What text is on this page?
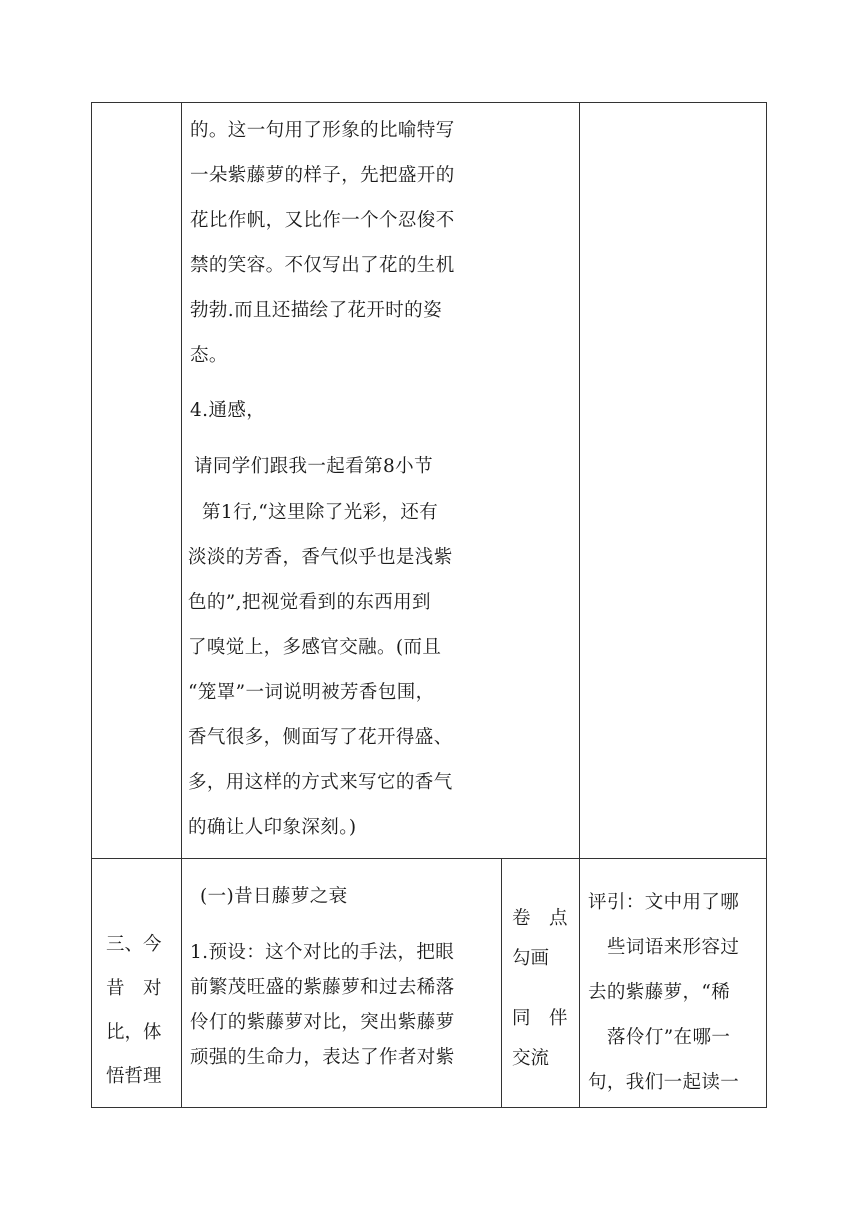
的。这一句用了形象的比喻特写
一朵紫藤萝的样子，先把盛开的
花比作帆，又比作一个个忍俊不
禁的笑容。不仅写出了花的生机
勃勃.而且还描绘了花开时的姿
态。
4.通感，
请同学们跟我一起看第8小节
第1行,“这里除了光彩，还有
淡淡的芳香，香气似乎也是浅紫
色的”,把视觉看到的东西用到
了嗅觉上，多感官交融。(而且
“笼罩”一词说明被芳香包围，
香气很多，侧面写了花开得盛、
多，用这样的方式来写它的香气
的确让人印象深刻。)
三、今
昔　对
比，体
悟哲理
(一)昔日藤萝之衰
1.预设：这个对比的手法，把眼
前繁茂旺盛的紫藤萝和过去稀落
伶仃的紫藤萝对比，突出紫藤萝
顽强的生命力，表达了作者对紫
卷　点
勾画
同　伴
交流
评引：文中用了哪
些词语来形容过
去的紫藤萝，“稀
落伶仃”在哪一
句，我们一起读一
